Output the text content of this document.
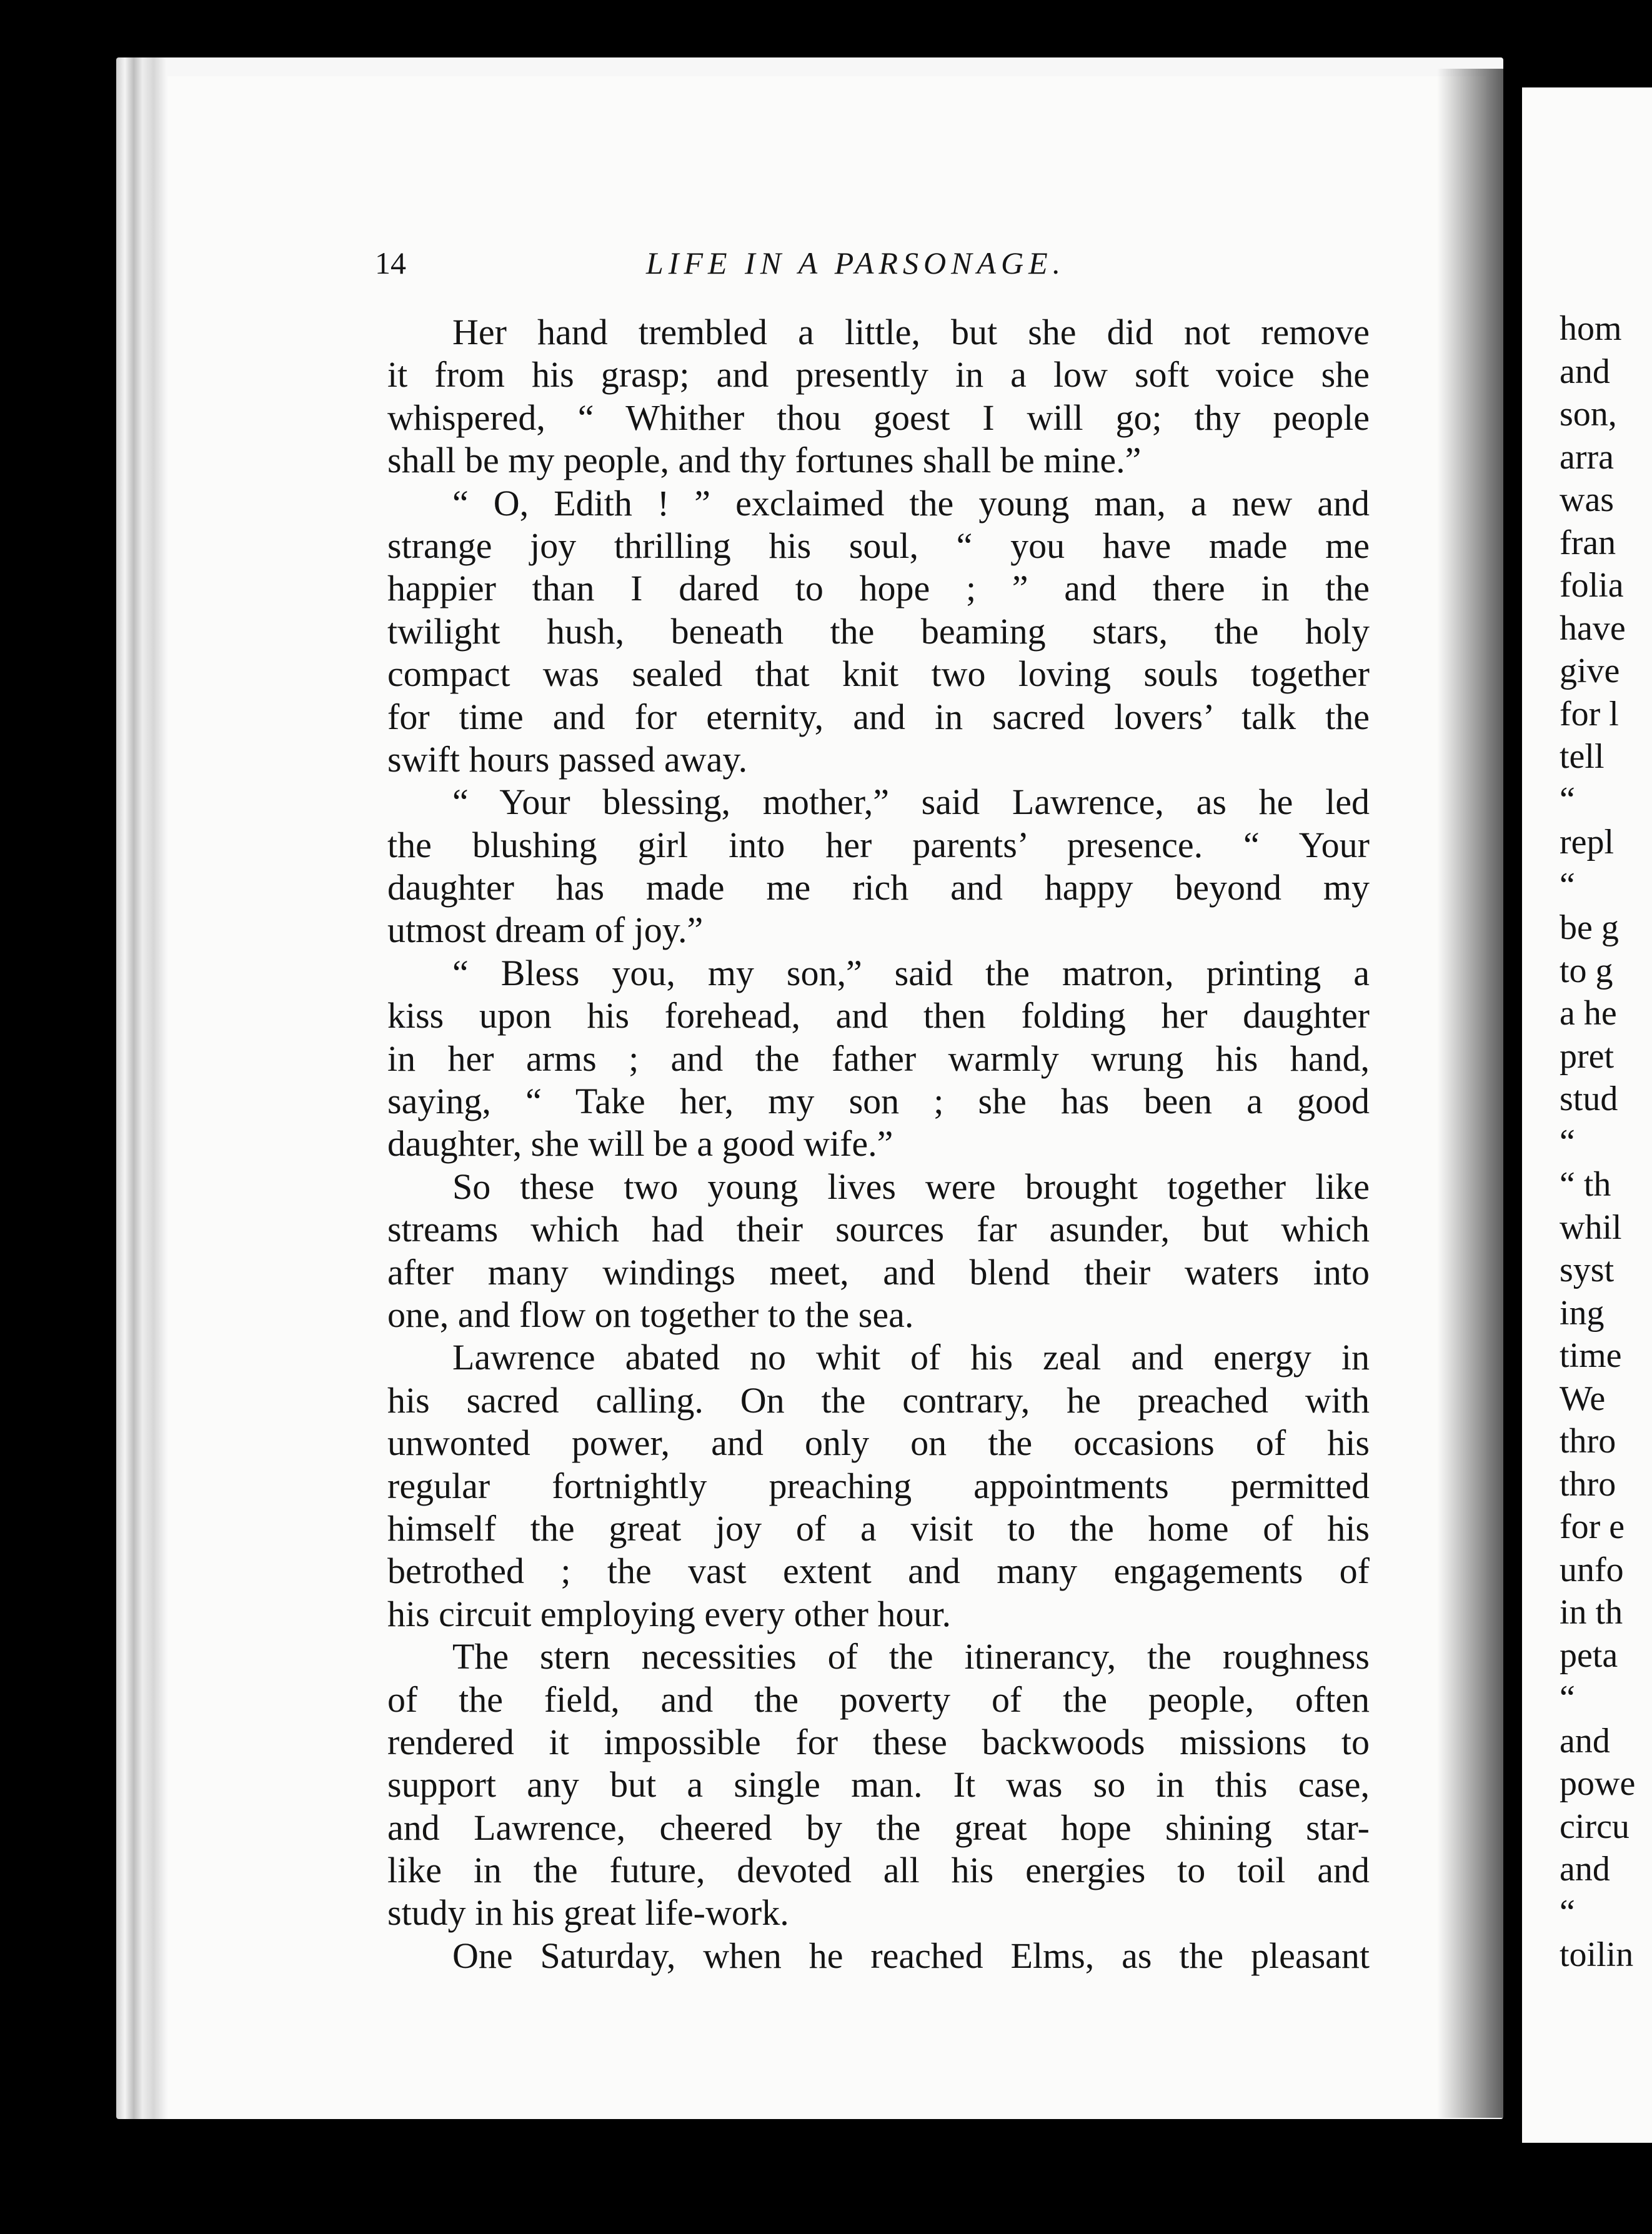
hom
and
son,
arra
was
fran
folia
have
give
for l
tell
“
repl
“
be g
to g
a he
pret
stud
“
“ th
whil
syst
ing
time
We
thro
thro
for e
unfo
in th
peta
“
and
powe
circu
and
“
toilin
14	LIFE IN A PARSONAGE.
Her hand trembled a little, but she did not remove
it from his grasp; and presently in a low soft voice she
whispered, “ Whither thou goest I will go; thy people
shall be my people, and thy fortunes shall be mine.”
“ O, Edith ! ” exclaimed the young man, a new and
strange joy thrilling his soul, “ you have made me
happier than I dared to hope ; ” and there in the
twilight hush, beneath the beaming stars, the holy
compact was sealed that knit two loving souls together
for time and for eternity, and in sacred lovers’ talk the
swift hours passed away.
“ Your blessing, mother,” said Lawrence, as he led
the blushing girl into her parents’ presence. “ Your
daughter has made me rich and happy beyond my
utmost dream of joy.”
“ Bless you, my son,” said the matron, printing a
kiss upon his forehead, and then folding her daughter
in her arms ; and the father warmly wrung his hand,
saying, “ Take her, my son ; she has been a good
daughter, she will be a good wife.”
So these two young lives were brought together like
streams which had their sources far asunder, but which
after many windings meet, and blend their waters into
one, and flow on together to the sea.
Lawrence abated no whit of his zeal and energy in
his sacred calling. On the contrary, he preached with
unwonted power, and only on the occasions of his
regular fortnightly preaching appointments permitted
himself the great joy of a visit to the home of his
betrothed ; the vast extent and many engagements of
his circuit employing every other hour.
The stern necessities of the itinerancy, the roughness
of the field, and the poverty of the people, often
rendered it impossible for these backwoods missions to
support any but a single man. It was so in this case,
and Lawrence, cheered by the great hope shining star-
like in the future, devoted all his energies to toil and
study in his great life-work.
One Saturday, when he reached Elms, as the pleasant
